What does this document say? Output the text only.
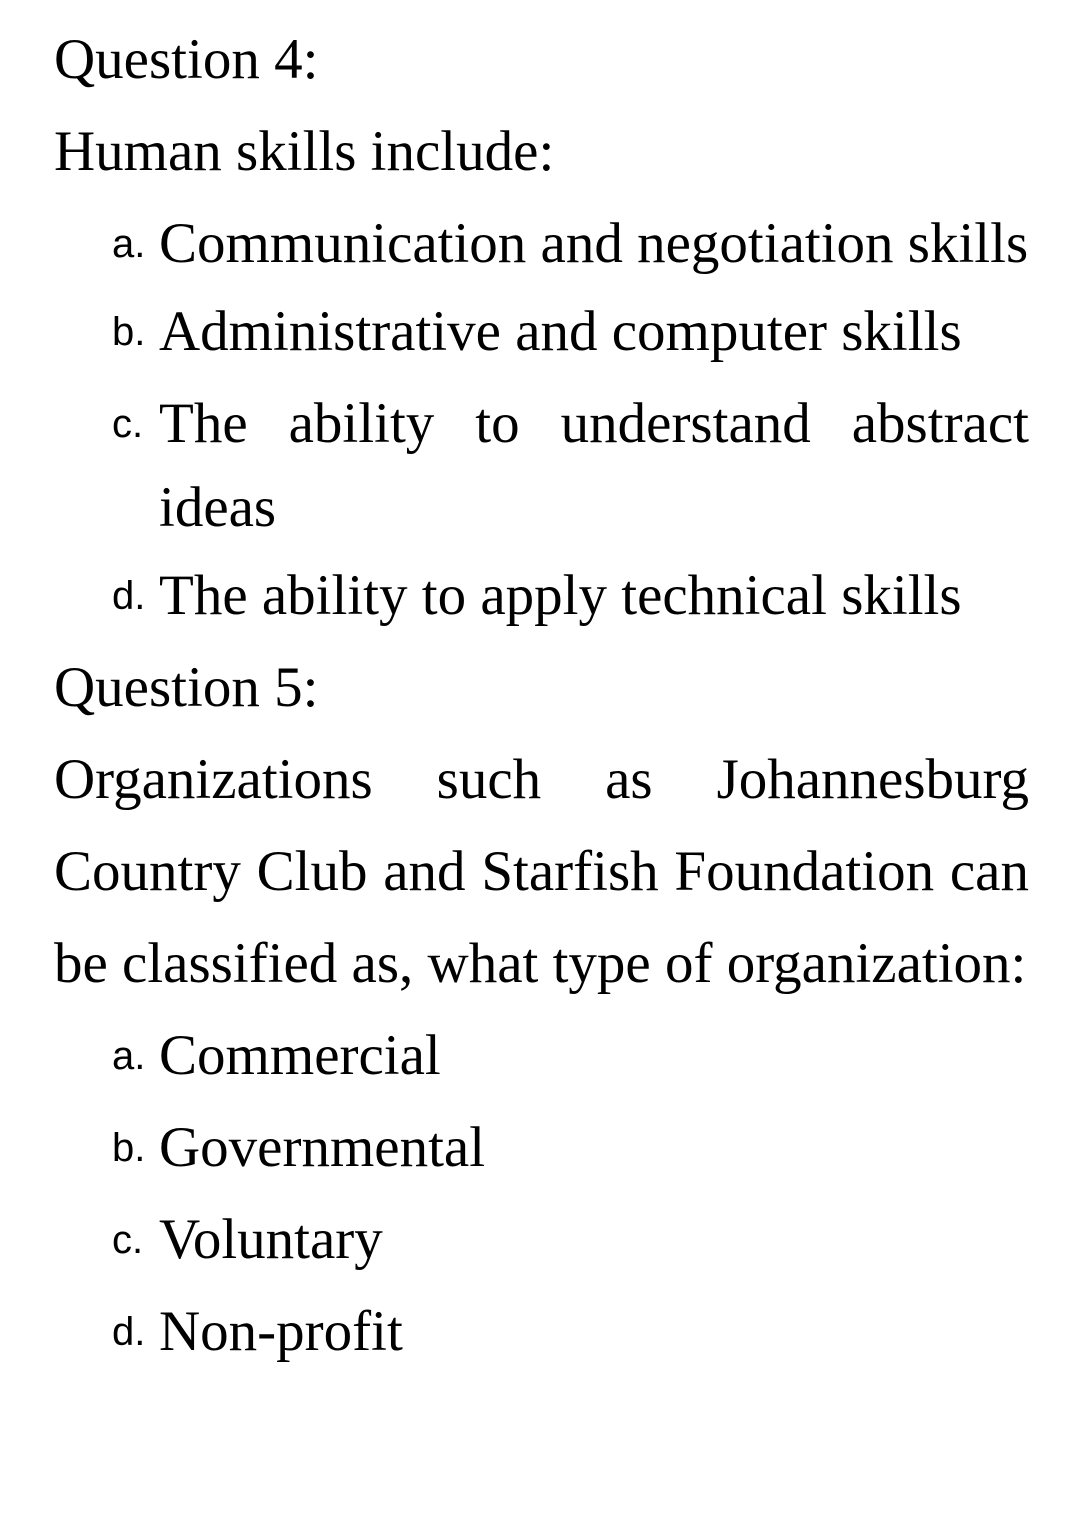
Question 4:
Human skills include:
a. Communication and negotiation skills
b. Administrative and computer skills
c. The ability to understand abstract ideas
d. The ability to apply technical skills
Question 5:
Organizations such as Johannesburg Country Club and Starfish Foundation can be classified as, what type of organization:
a. Commercial
b. Governmental
c. Voluntary
d. Non-profit
